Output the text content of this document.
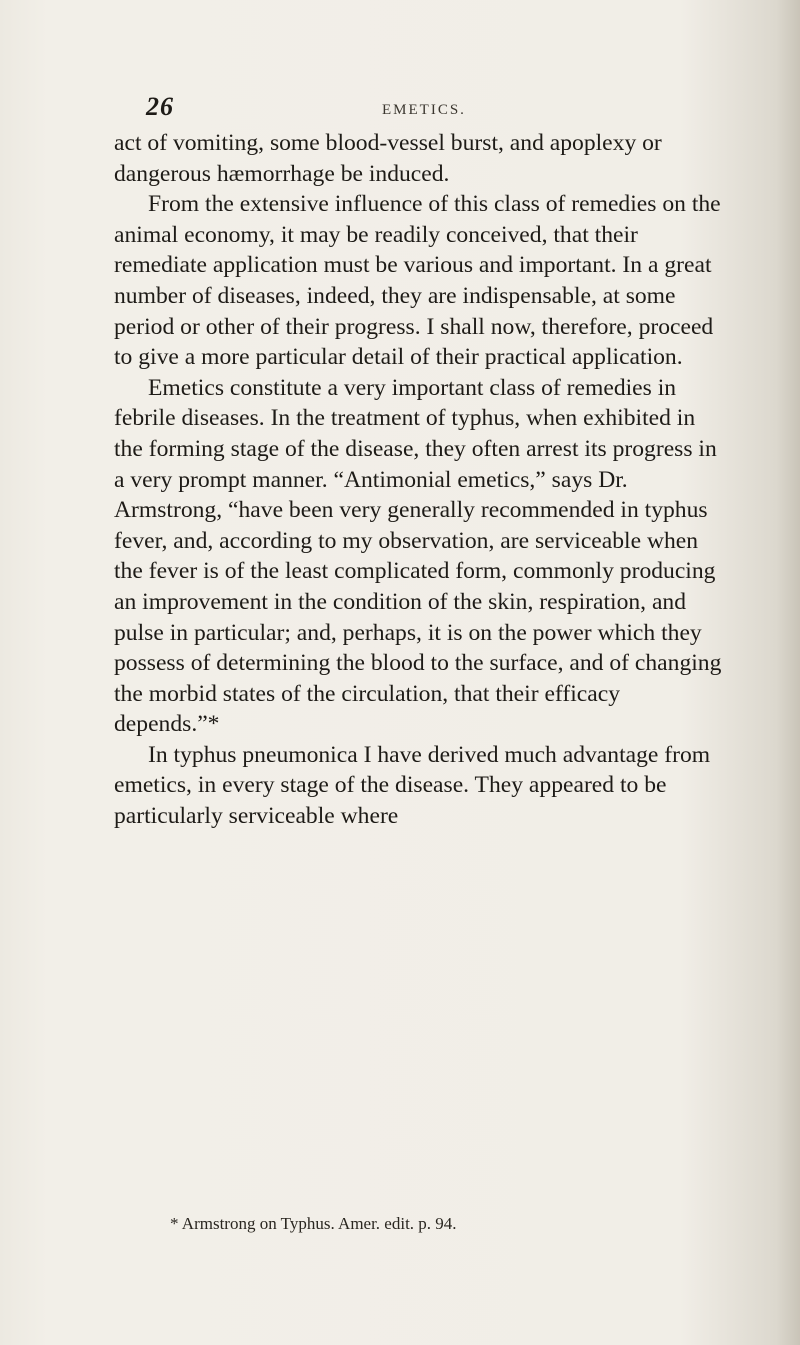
26	EMETICS.

act of vomiting, some blood-vessel burst, and apoplexy or dangerous hæmorrhage be induced.

From the extensive influence of this class of remedies on the animal economy, it may be readily conceived, that their remediate application must be various and important. In a great number of diseases, indeed, they are indispensable, at some period or other of their progress. I shall now, therefore, proceed to give a more particular detail of their practical application.

Emetics constitute a very important class of remedies in febrile diseases. In the treatment of typhus, when exhibited in the forming stage of the disease, they often arrest its progress in a very prompt manner. “Antimonial emetics,” says Dr. Armstrong, “have been very generally recommended in typhus fever, and, according to my observation, are serviceable when the fever is of the least complicated form, commonly producing an improvement in the condition of the skin, respiration, and pulse in particular; and, perhaps, it is on the power which they possess of determining the blood to the surface, and of changing the morbid states of the circulation, that their efficacy depends.”*

In typhus pneumonica I have derived much advantage from emetics, in every stage of the disease. They appeared to be particularly serviceable where

* Armstrong on Typhus. Amer. edit. p. 94.
